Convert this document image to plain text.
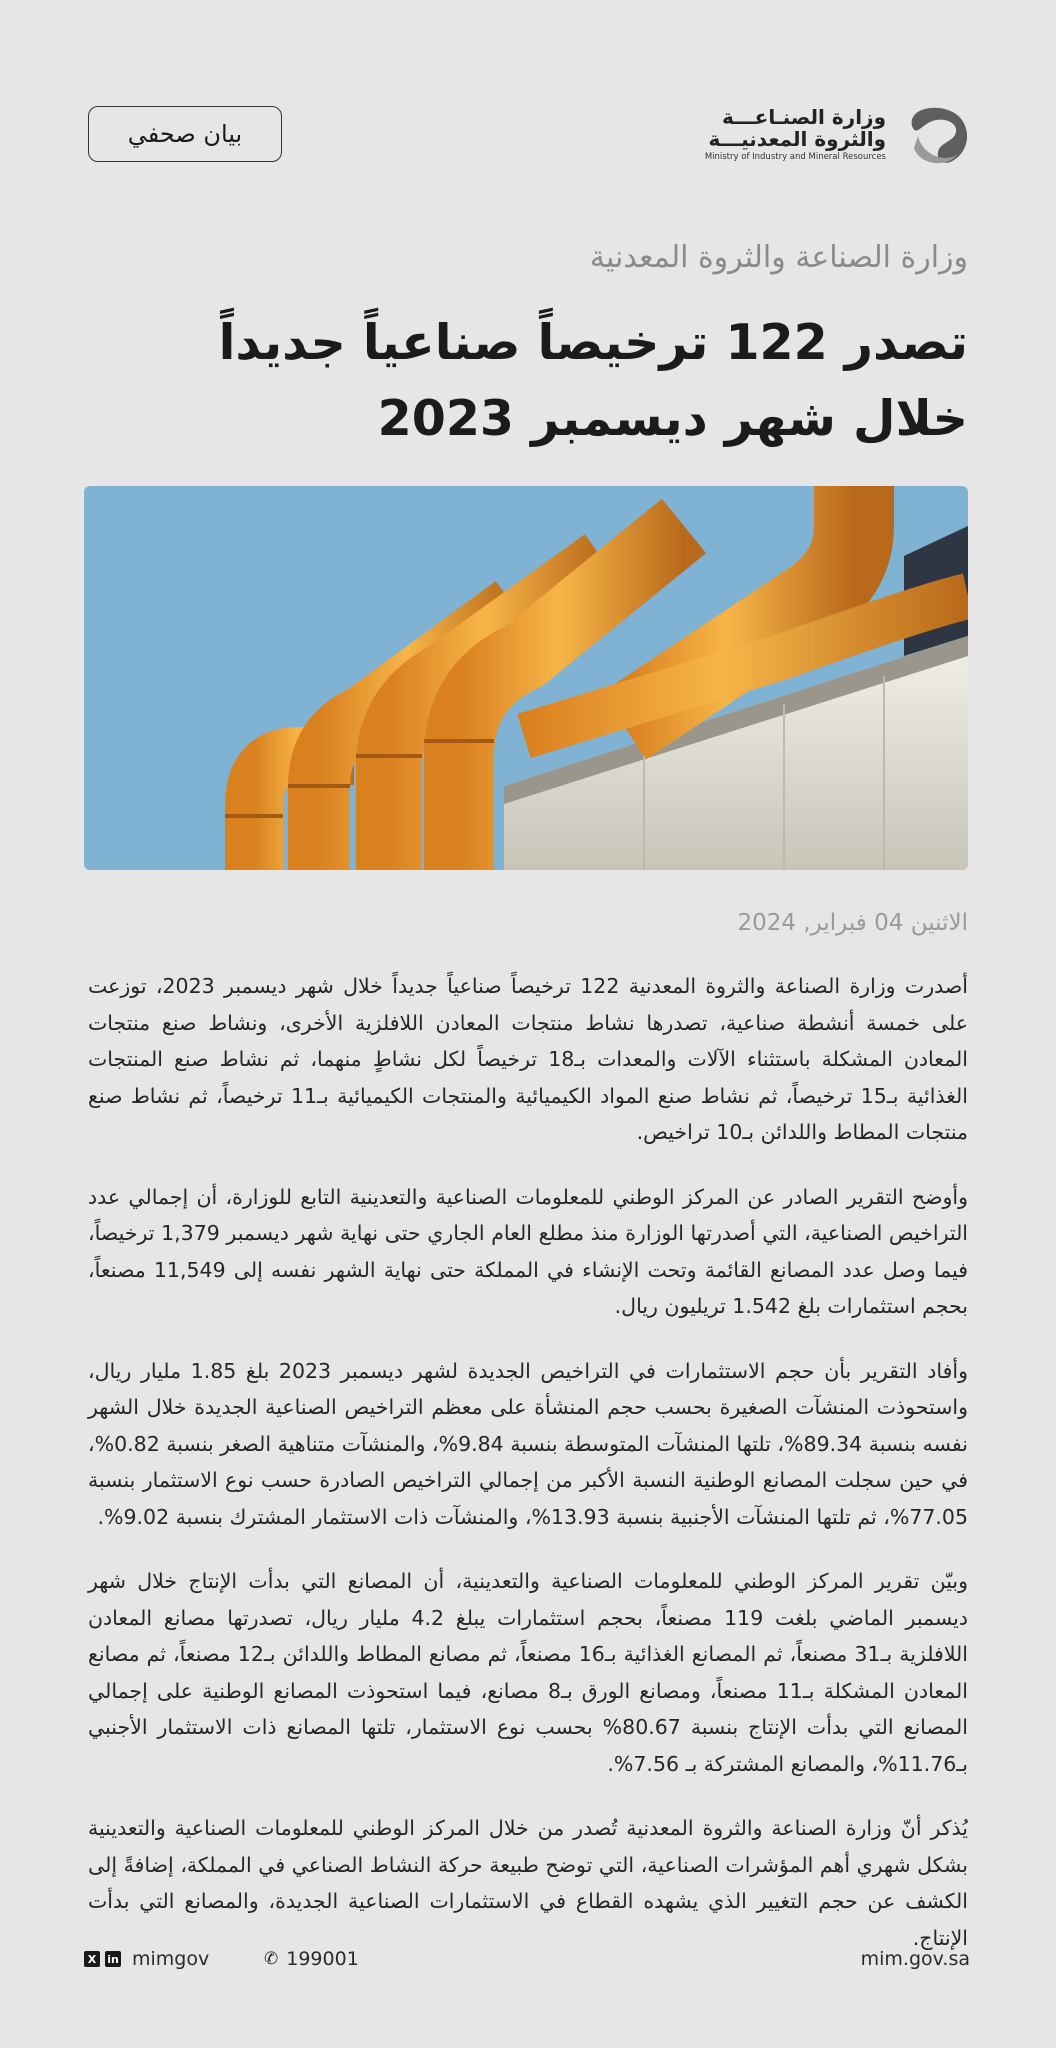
بيان صحفي
وزارة الصنـاعـــة
والثروة المعدنيـــة
Ministry of Industry and Mineral Resources
وزارة الصناعة والثروة المعدنية
تصدر 122 ترخيصاً صناعياً جديداً
خلال شهر ديسمبر 2023
الاثنين 04 فبراير, 2024

أصدرت وزارة الصناعة والثروة المعدنية 122 ترخيصاً صناعياً جديداً خلال شهر ديسمبر 2023، توزعت على خمسة أنشطة صناعية، تصدرها نشاط منتجات المعادن اللافلزية الأخرى، ونشاط صنع منتجات المعادن المشكلة باستثناء الآلات والمعدات بـ18 ترخيصاً لكل نشاطٍ منهما، ثم نشاط صنع المنتجات الغذائية بـ15 ترخيصاً، ثم نشاط صنع المواد الكيميائية والمنتجات الكيميائية بـ11 ترخيصاً، ثم نشاط صنع منتجات المطاط واللدائن بـ10 تراخيص.

وأوضح التقرير الصادر عن المركز الوطني للمعلومات الصناعية والتعدينية التابع للوزارة، أن إجمالي عدد التراخيص الصناعية، التي أصدرتها الوزارة منذ مطلع العام الجاري حتى نهاية شهر ديسمبر 1,379 ترخيصاً، فيما وصل عدد المصانع القائمة وتحت الإنشاء في المملكة حتى نهاية الشهر نفسه إلى 11,549 مصنعاً، بحجم استثمارات بلغ 1.542 تريليون ريال.

وأفاد التقرير بأن حجم الاستثمارات في التراخيص الجديدة لشهر ديسمبر 2023 بلغ 1.85 مليار ريال، واستحوذت المنشآت الصغيرة بحسب حجم المنشأة على معظم التراخيص الصناعية الجديدة خلال الشهر نفسه بنسبة 89.34%، تلتها المنشآت المتوسطة بنسبة 9.84%، والمنشآت متناهية الصغر بنسبة 0.82%، في حين سجلت المصانع الوطنية النسبة الأكبر من إجمالي التراخيص الصادرة حسب نوع الاستثمار بنسبة 77.05%، ثم تلتها المنشآت الأجنبية بنسبة 13.93%، والمنشآت ذات الاستثمار المشترك بنسبة 9.02%.

وبيّن تقرير المركز الوطني للمعلومات الصناعية والتعدينية، أن المصانع التي بدأت الإنتاج خلال شهر ديسمبر الماضي بلغت 119 مصنعاً، بحجم استثمارات يبلغ 4.2 مليار ريال، تصدرتها مصانع المعادن اللافلزية بـ31 مصنعاً، ثم المصانع الغذائية بـ16 مصنعاً، ثم مصانع المطاط واللدائن بـ12 مصنعاً، ثم مصانع المعادن المشكلة بـ11 مصنعاً، ومصانع الورق بـ8 مصانع، فيما استحوذت المصانع الوطنية على إجمالي المصانع التي بدأت الإنتاج بنسبة 80.67% بحسب نوع الاستثمار، تلتها المصانع ذات الاستثمار الأجنبي بـ11.76%، والمصانع المشتركة بـ 7.56%.

يُذكر أنّ وزارة الصناعة والثروة المعدنية تُصدر من خلال المركز الوطني للمعلومات الصناعية والتعدينية بشكل شهري أهم المؤشرات الصناعية، التي توضح طبيعة حركة النشاط الصناعي في المملكة، إضافةً إلى الكشف عن حجم التغيير الذي يشهده القطاع في الاستثمارات الصناعية الجديدة، والمصانع التي بدأت الإنتاج.

X in mimgov	✆ 199001	mim.gov.sa
